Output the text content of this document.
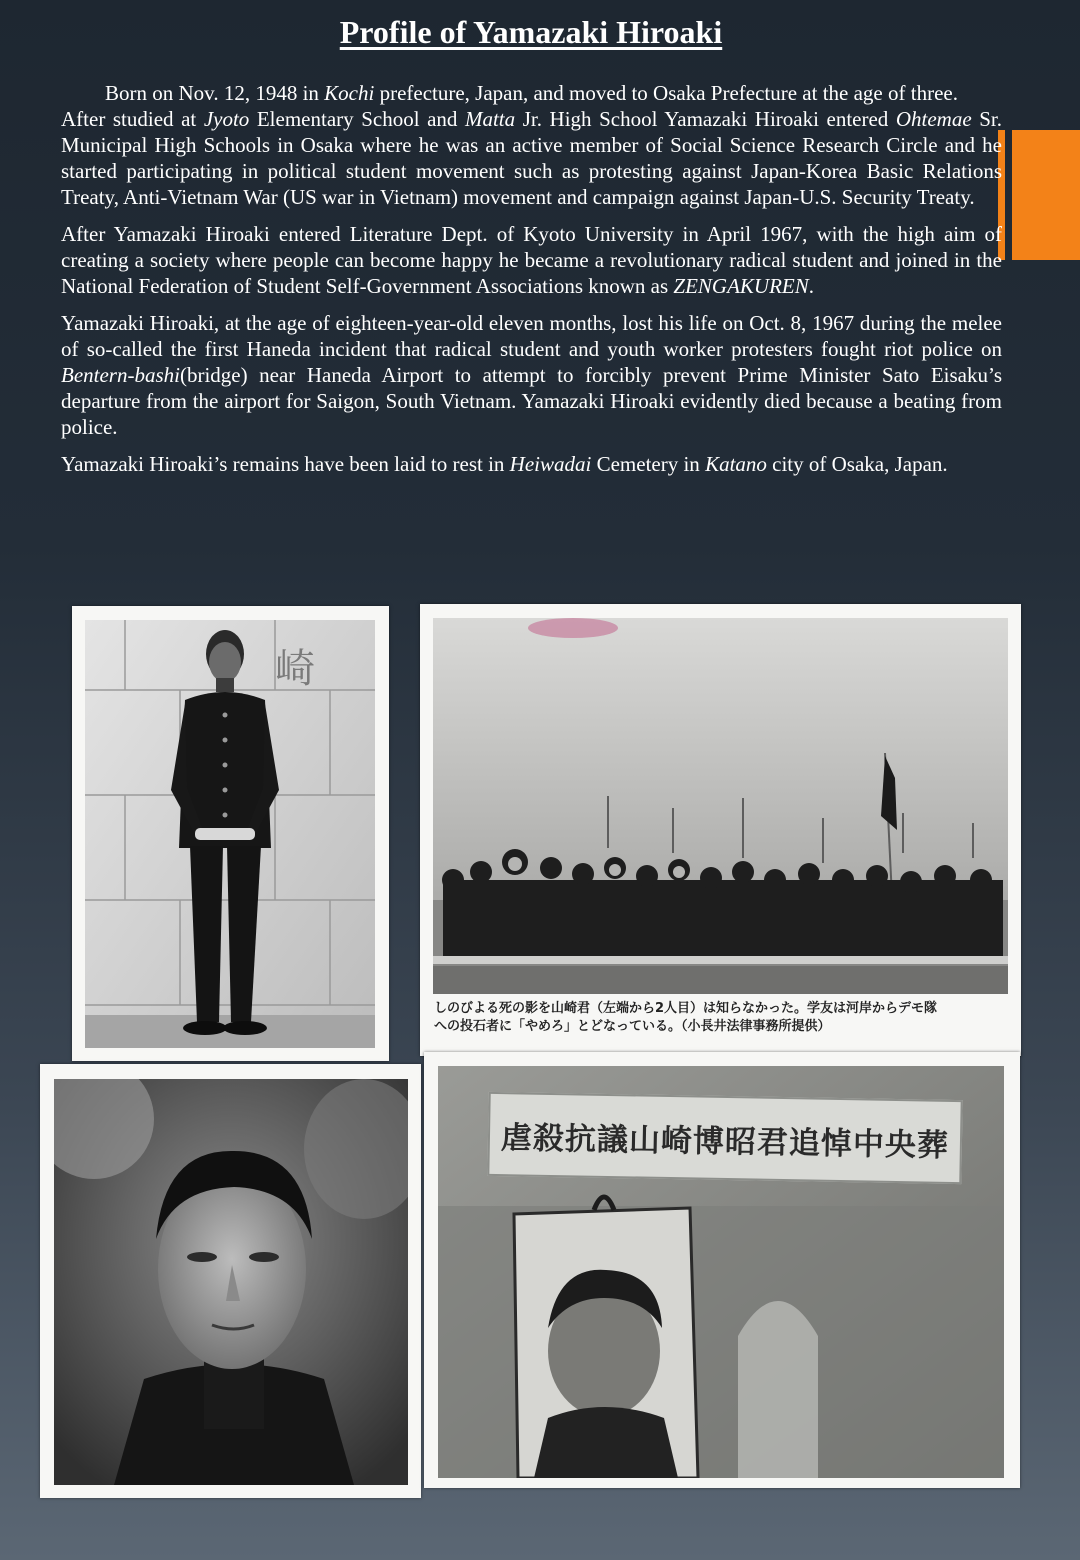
Profile of Yamazaki Hiroaki

Born on Nov. 12, 1948 in Kochi prefecture, Japan, and moved to Osaka Prefecture at the age of three.

After studied at Jyoto Elementary School and Matta Jr. High School Yamazaki Hiroaki entered Ohtemae Sr. Municipal High Schools in Osaka where he was an active member of Social Science Research Circle and he started participating in political student movement such as protesting against Japan-Korea Basic Relations Treaty, Anti-Vietnam War (US war in Vietnam) movement and campaign against Japan-U.S. Security Treaty.

After Yamazaki Hiroaki entered Literature Dept. of Kyoto University in April 1967, with the high aim of creating a society where people can become happy he became a revolutionary radical student and joined in the National Federation of Student Self-Government Associations known as ZENGAKUREN.

Yamazaki Hiroaki, at the age of eighteen-year-old eleven months, lost his life on Oct. 8, 1967 during the melee of so-called the first Haneda incident that radical student and youth worker protesters fought riot police on Bentern-bashi(bridge) near Haneda Airport to attempt to forcibly prevent Prime Minister Sato Eisaku’s departure from the airport for Saigon, South Vietnam. Yamazaki Hiroaki evidently died because a beating from police.

Yamazaki Hiroaki’s remains have been laid to rest in Heiwadai Cemetery in Katano city of Osaka, Japan.

崎
しのびよる死の影を山崎君（左端から2人目）は知らなかった。学友は河岸からデモ隊
への投石者に「やめろ」とどなっている。（小長井法律事務所提供）
虐殺抗議山崎博昭君追悼中央葬
